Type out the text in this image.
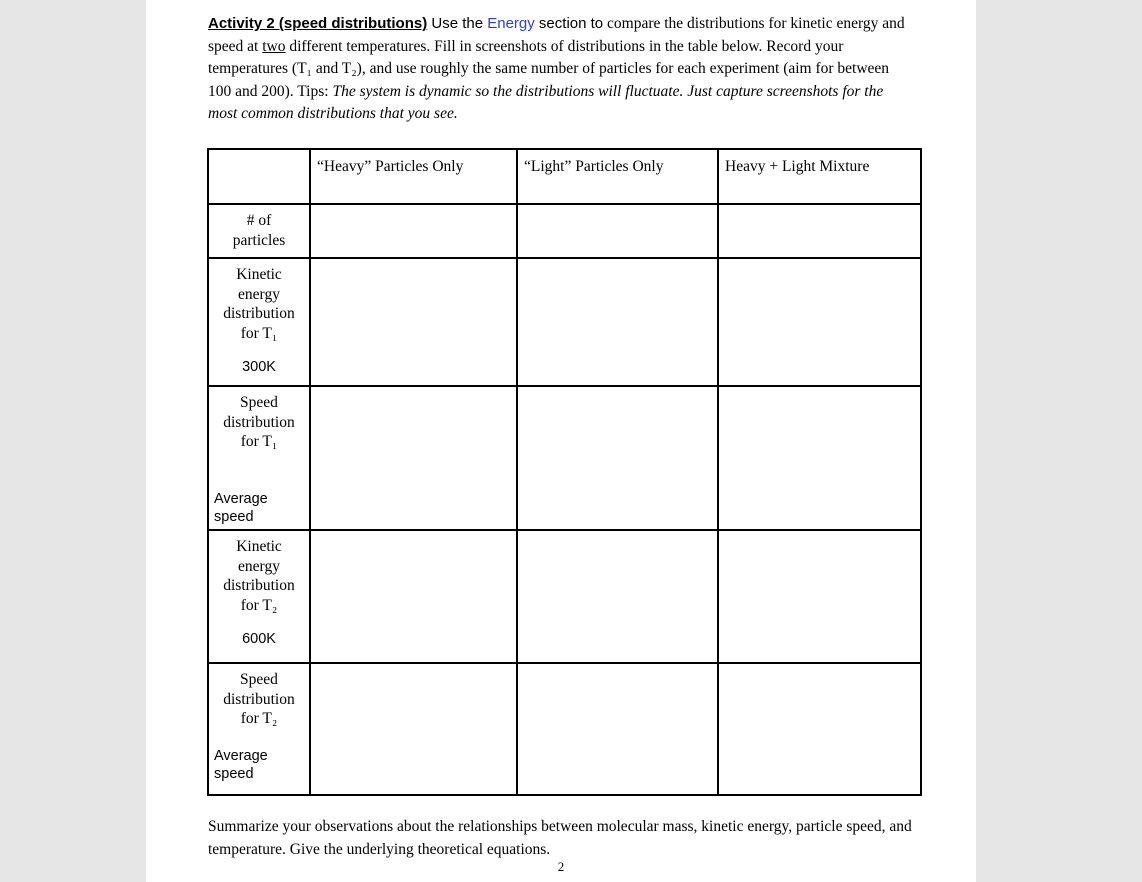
Activity 2 (speed distributions) Use the Energy section to compare the distributions for kinetic energy and speed at two different temperatures. Fill in screenshots of distributions in the table below. Record your temperatures (T₁ and T₂), and use roughly the same number of particles for each experiment (aim for between 100 and 200). Tips: The system is dynamic so the distributions will fluctuate. Just capture screenshots for the most common distributions that you see.
	“Heavy” Particles Only	“Light” Particles Only	Heavy + Light Mixture

# of particles			

Kinetic energy distribution for T₁
300K			

Speed distribution for T₁
Average speed			

Kinetic energy distribution for T₂
600K			

Speed distribution for T₂
Average speed			

Summarize your observations about the relationships between molecular mass, kinetic energy, particle speed, and temperature. Give the underlying theoretical equations.
2
